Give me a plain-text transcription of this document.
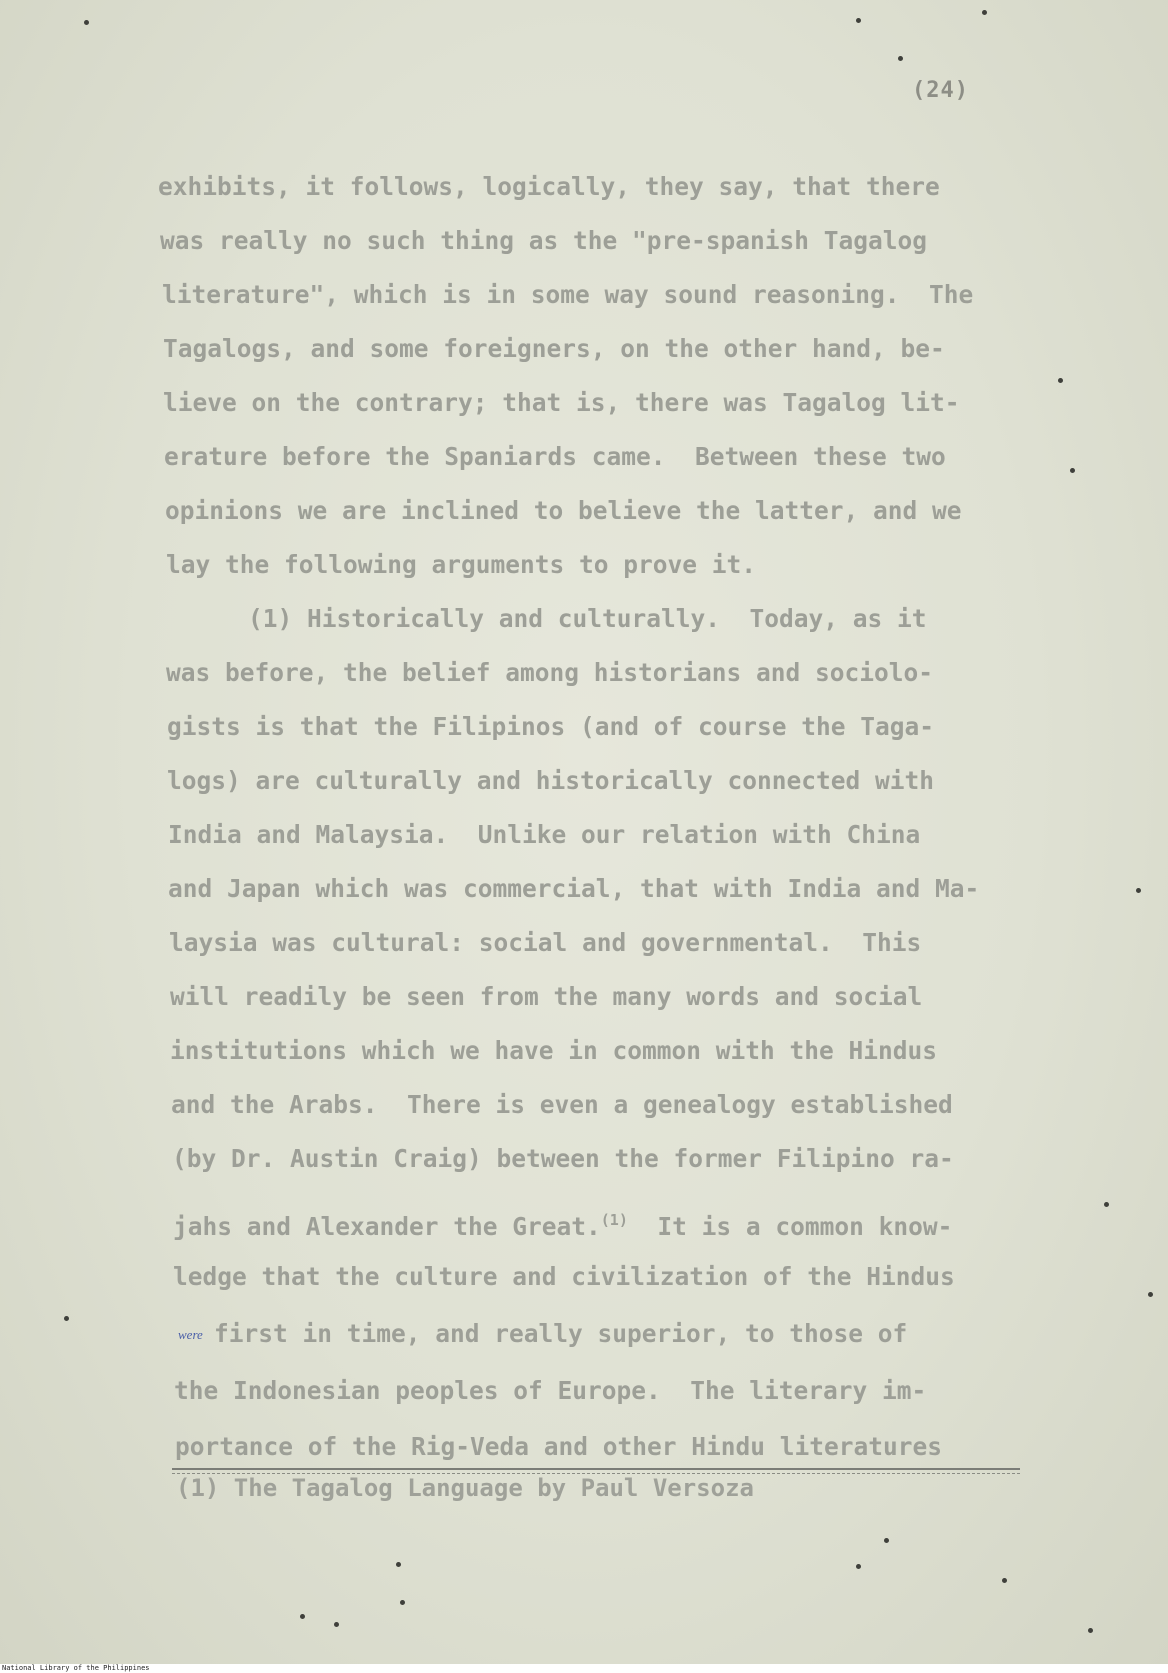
(24)
exhibits, it follows, logically, they say, that there
was really no such thing as the "pre-spanish Tagalog
literature", which is in some way sound reasoning.  The
Tagalogs, and some foreigners, on the other hand, be-
lieve on the contrary; that is, there was Tagalog lit-
erature before the Spaniards came.  Between these two
opinions we are inclined to believe the latter, and we
lay the following arguments to prove it.
(1) Historically and culturally.  Today, as it
was before, the belief among historians and sociolo-
gists is that the Filipinos (and of course the Taga-
logs) are culturally and historically connected with
India and Malaysia.  Unlike our relation with China
and Japan which was commercial, that with India and Ma-
laysia was cultural: social and governmental.  This
will readily be seen from the many words and social
institutions which we have in common with the Hindus
and the Arabs.  There is even a genealogy established
(by Dr. Austin Craig) between the former Filipino ra-
jahs and Alexander the Great.$^{(1)}$ It is a common know-
ledge that the culture and civilization of the Hindus
were first in time, and really superior, to those of
the Indonesian peoples of Europe.  The literary im-
portance of the Rig-Veda and other Hindu literatures
(1) The Tagalog Language by Paul Versoza
National Library of the Philippines
